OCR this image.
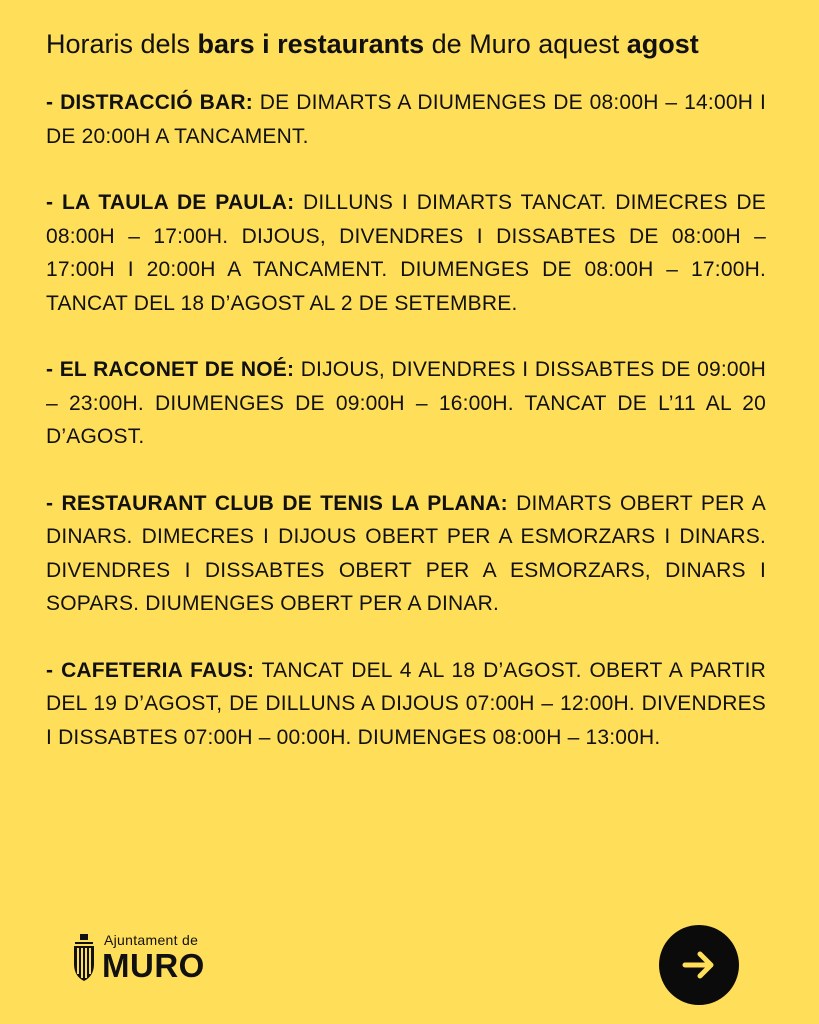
Horaris dels bars i restaurants de Muro aquest agost

- DISTRACCIÓ BAR: DE DIMARTS A DIUMENGES DE 08:00H – 14:00H I DE 20:00H A TANCAMENT.

- LA TAULA DE PAULA: DILLUNS I DIMARTS TANCAT. DIMECRES DE 08:00H – 17:00H. DIJOUS, DIVENDRES I DISSABTES DE 08:00H – 17:00H I 20:00H A TANCAMENT. DIUMENGES DE 08:00H – 17:00H. TANCAT DEL 18 D’AGOST AL 2 DE SETEMBRE.

- EL RACONET DE NOÉ: DIJOUS, DIVENDRES I DISSABTES DE 09:00H – 23:00H. DIUMENGES DE 09:00H – 16:00H. TANCAT DE L’11 AL 20 D’AGOST.

- RESTAURANT CLUB DE TENIS LA PLANA: DIMARTS OBERT PER A DINARS. DIMECRES I DIJOUS OBERT PER A ESMORZARS I DINARS. DIVENDRES I DISSABTES OBERT PER A ESMORZARS, DINARS I SOPARS. DIUMENGES OBERT PER A DINAR.

- CAFETERIA FAUS: TANCAT DEL 4 AL 18 D’AGOST. OBERT A PARTIR DEL 19 D’AGOST, DE DILLUNS A DIJOUS 07:00H – 12:00H. DIVENDRES I DISSABTES 07:00H – 00:00H. DIUMENGES 08:00H – 13:00H.

Ajuntament de
MURO
